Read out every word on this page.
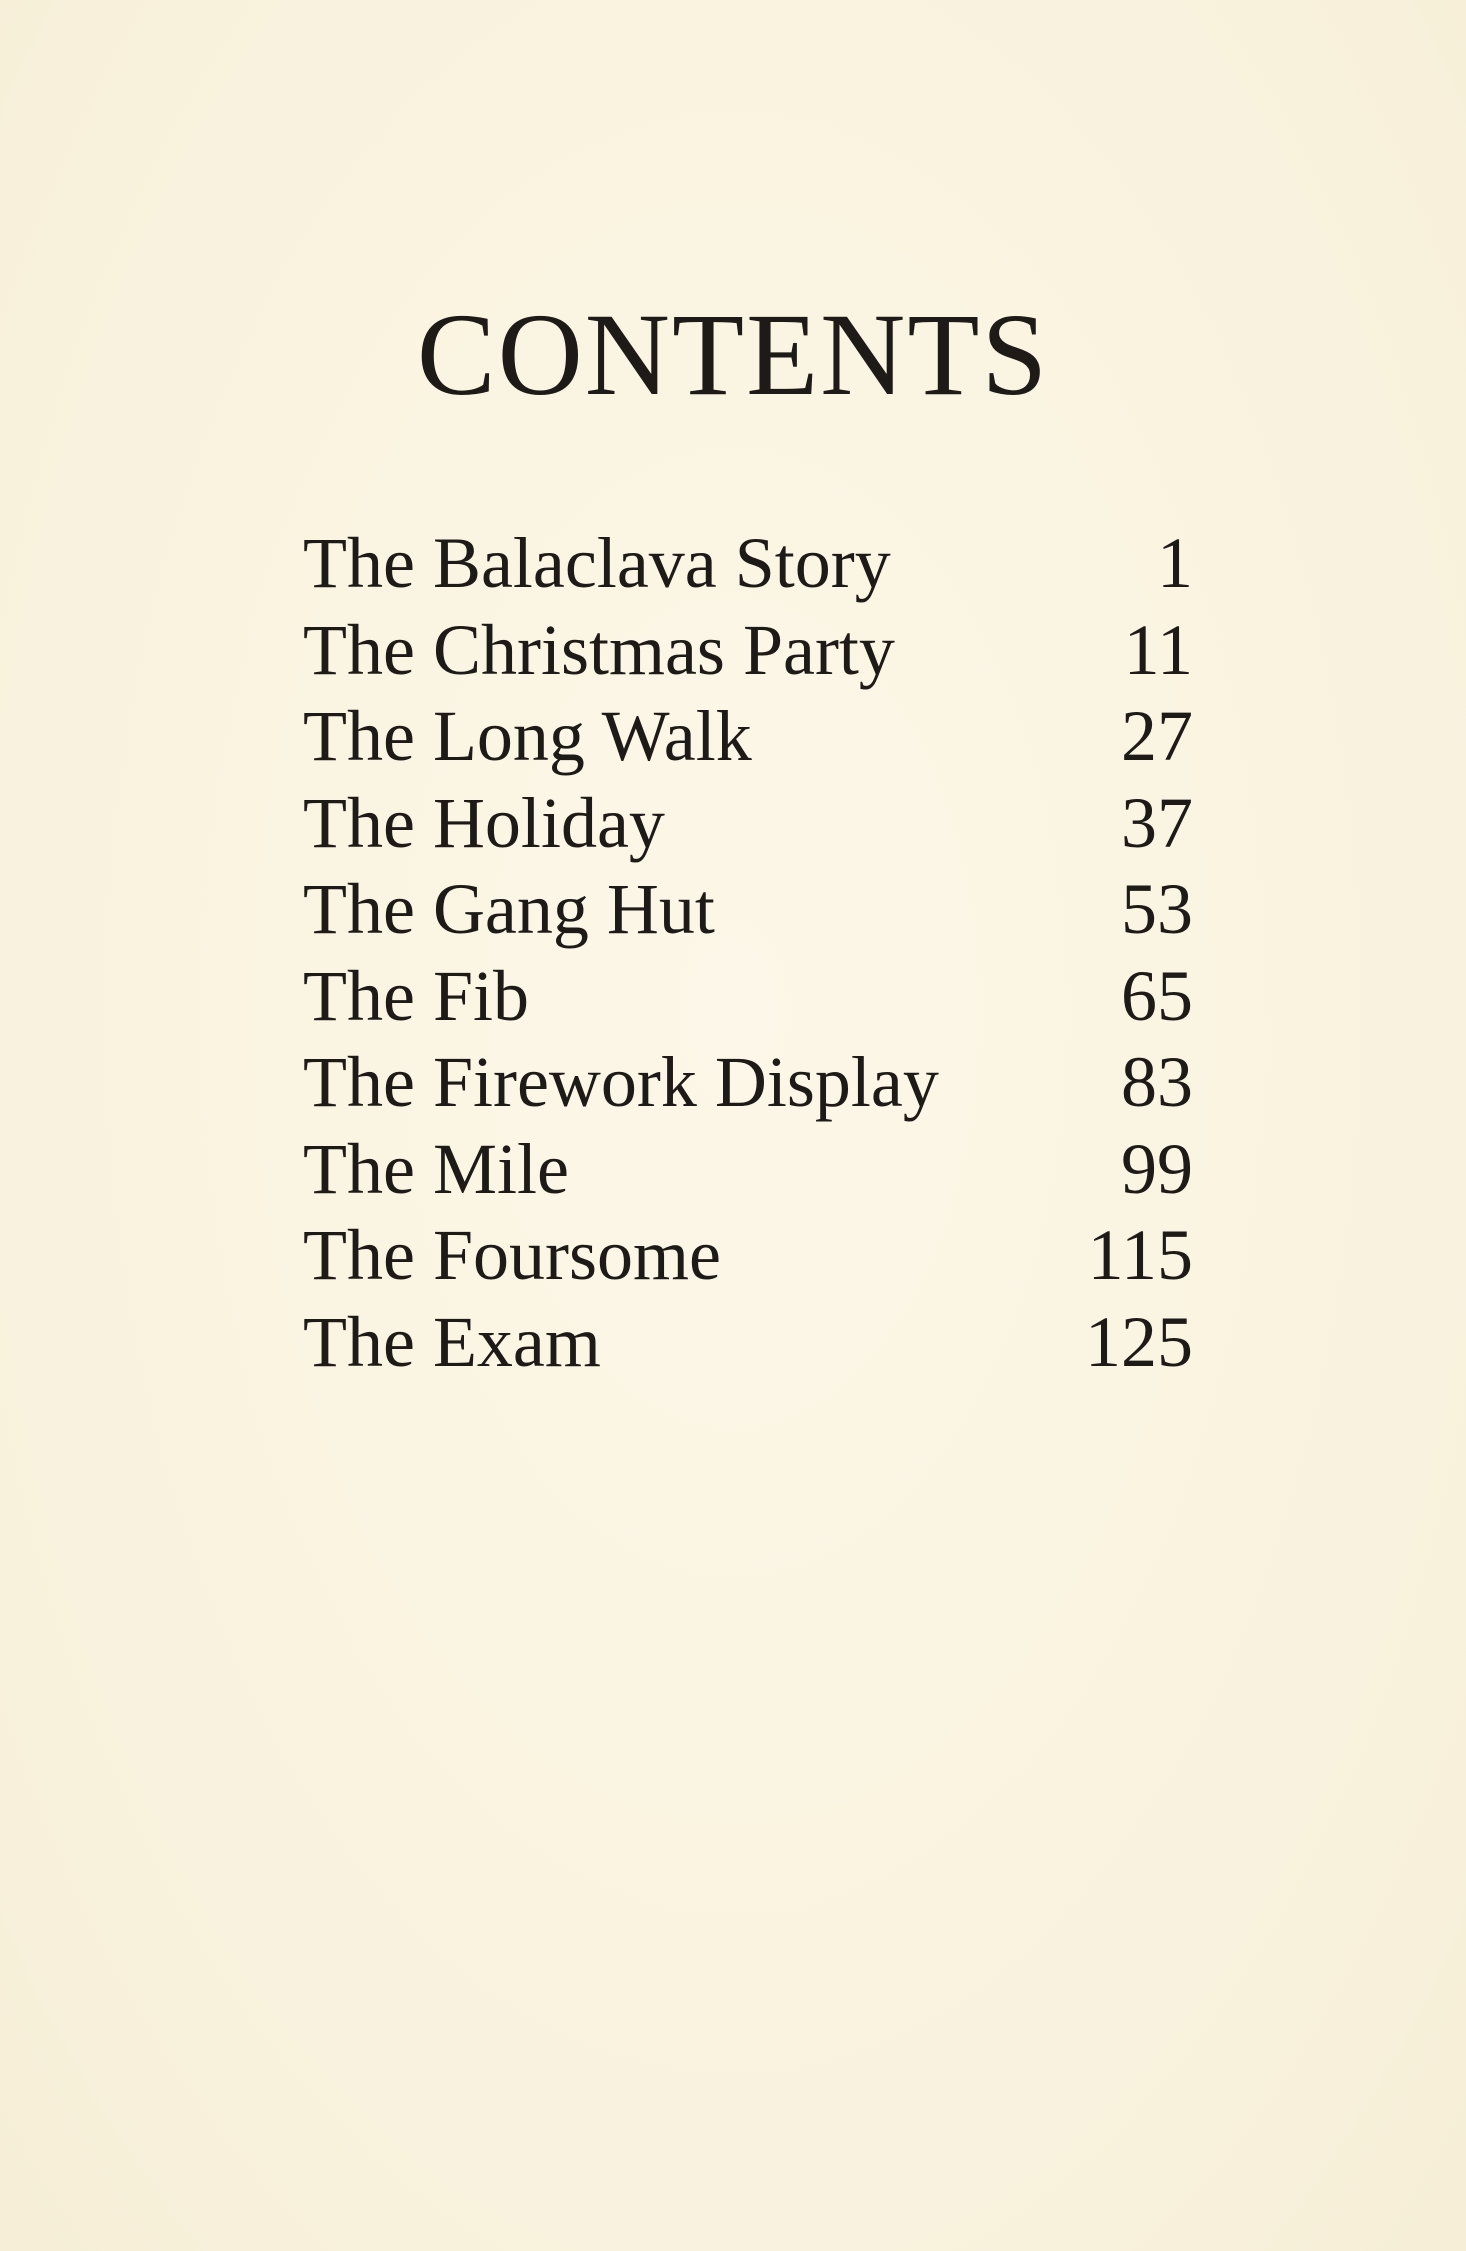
CONTENTS
The Balaclava Story	1
The Christmas Party	11
The Long Walk	27
The Holiday	37
The Gang Hut	53
The Fib	65
The Firework Display	83
The Mile	99
The Foursome	115
The Exam	125
